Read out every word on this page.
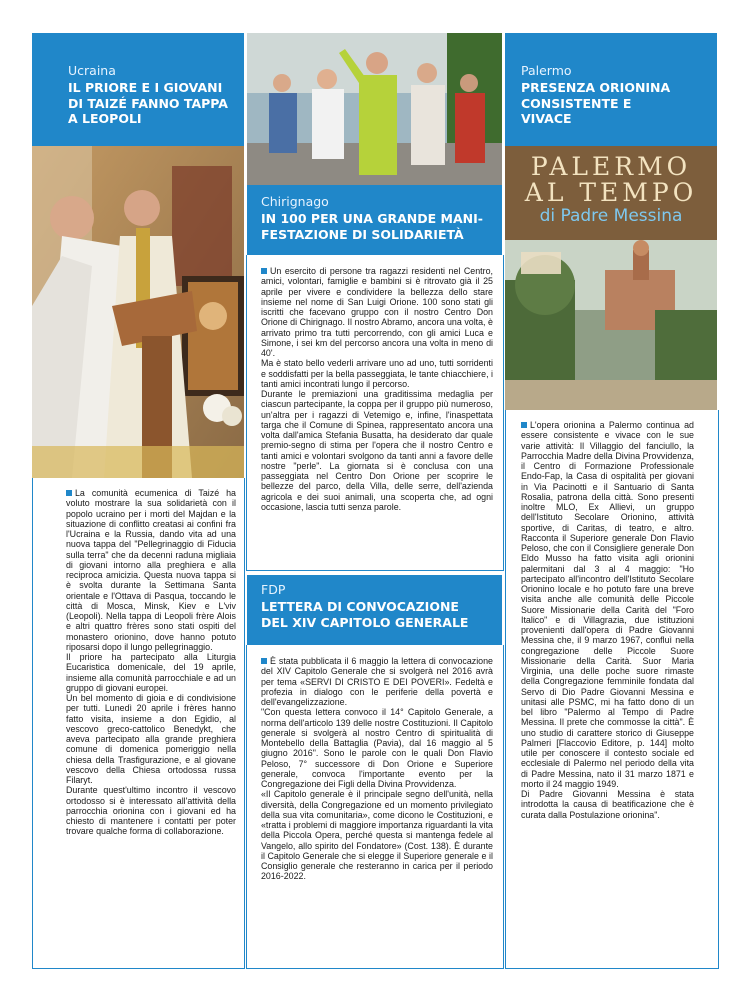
Ucraina
IL PRIORE E I GIOVANI
DI TAIZÉ FANNO TAPPA
A LEOPOLI

La comunità ecumenica di Taizé ha voluto mostrare la sua solidarietà con il popolo ucraino per i morti del Majdan e la situazione di conflitto creatasi ai confini fra l'Ucraina e la Russia, dando vita ad una nuova tappa del "Pellegrinaggio di Fiducia sulla terra" che da decenni raduna migliaia di giovani intorno alla preghiera e alla reciproca amicizia. Questa nuova tappa si è svolta durante la Settimana Santa orientale e l'Ottava di Pasqua, toccando le città di Mosca, Minsk, Kiev e L'viv (Leopoli). Nella tappa di Leopoli frère Alois e altri quattro frères sono stati ospiti del monastero orionino, dove hanno potuto riposarsi dopo il lungo pellegrinaggio.

Il priore ha partecipato alla Liturgia Eucaristica domenicale, del 19 aprile, insieme alla comunità parrocchiale e ad un gruppo di giovani europei.

Un bel momento di gioia e di condivisione per tutti. Lunedì 20 aprile i frères hanno fatto visita, insieme a don Egidio, al vescovo greco-cattolico Benedykt, che aveva partecipato alla grande preghiera comune di domenica pomeriggio nella chiesa della Trasfigurazione, e al giovane vescovo della Chiesa ortodossa russa Filaryt.

Durante quest'ultimo incontro il vescovo ortodosso si è interessato all'attività della parrocchia orionina con i giovani ed ha chiesto di mantenere i contatti per poter trovare qualche forma di collaborazione.

Chirignago
IN 100 PER UNA GRANDE MANI-
FESTAZIONE DI SOLIDARIETÀ

Un esercito di persone tra ragazzi residenti nel Centro, amici, volontari, famiglie e bambini si è ritrovato già il 25 aprile per vivere e condividere la bellezza dello stare insieme nel nome di San Luigi Orione. 100 sono stati gli iscritti che facevano gruppo con il nostro Centro Don Orione di Chirignago. Il nostro Abramo, ancora una volta, è arrivato primo tra tutti percorrendo, con gli amici Luca e Simone, i sei km del percorso ancora una volta in meno di 40'.

Ma è stato bello vederli arrivare uno ad uno, tutti sorridenti e soddisfatti per la bella passeggiata, le tante chiacchiere, i tanti amici incontrati lungo il percorso.

Durante le premiazioni una graditissima medaglia per ciascun partecipante, la coppa per il gruppo più numeroso, un'altra per i ragazzi di Vetemigo e, infine, l'inaspettata targa che il Comune di Spinea, rappresentato ancora una volta dall'amica Stefania Busatta, ha desiderato dar quale premio-segno di stima per l'opera che il nostro Centro e tanti amici e volontari svolgono da tanti anni a favore delle nostre "perle". La giornata si è conclusa con una passeggiata nel Centro Don Orione per scoprire le bellezze del parco, della Villa, delle serre, dell'azienda agricola e dei suoi animali, una scoperta che, ad ogni occasione, lascia tutti senza parole.

FDP
LETTERA DI CONVOCAZIONE
DEL XIV CAPITOLO GENERALE

È stata pubblicata il 6 maggio la lettera di convocazione del XIV Capitolo Generale che si svolgerà nel 2016 avrà per tema «SERVI DI CRISTO E DEI POVERI». Fedeltà e profezia in dialogo con le periferie della povertà e dell'evangelizzazione.

"Con questa lettera convoco il 14° Capitolo Generale, a norma dell'articolo 139 delle nostre Costituzioni. Il Capitolo generale si svolgerà al nostro Centro di spiritualità di Montebello della Battaglia (Pavia), dal 16 maggio al 5 giugno 2016". Sono le parole con le quali Don Flavio Peloso, 7° successore di Don Orione e Superiore generale, convoca l'importante evento per la Congregazione dei Figli della Divina Provvidenza.

«Il Capitolo generale è il principale segno dell'unità, nella diversità, della Congregazione ed un momento privilegiato della sua vita comunitaria», come dicono le Costituzioni, e «tratta i problemi di maggiore importanza riguardanti la vita della Piccola Opera, perché questa si mantenga fedele al Vangelo, allo spirito del Fondatore» (Cost. 138). È durante il Capitolo Generale che si elegge il Superiore generale e il Consiglio generale che resteranno in carica per il periodo 2016-2022.

Palermo
PRESENZA ORIONINA
CONSISTENTE E
VIVACE
PALERMO
AL TEMPO
di Padre Messina

L'opera orionina a Palermo continua ad essere consistente e vivace con le sue varie attività: Il Villaggio del fanciullo, la Parrocchia Madre della Divina Provvidenza, il Centro di Formazione Professionale Endo-Fap, la Casa di ospitalità per giovani in Via Pacinotti e il Santuario di Santa Rosalia, patrona della città. Sono presenti inoltre MLO, Ex Allievi, un gruppo dell'Istituto Secolare Orionino, attività sportive, di Caritas, di teatro, e altro. Racconta il Superiore generale Don Flavio Peloso, che con il Consigliere generale Don Eldo Musso ha fatto visita agli orionini palermitani dal 3 al 4 maggio: "Ho partecipato all'incontro dell'Istituto Secolare Orionino locale e ho potuto fare una breve visita anche alle comunità delle Piccole Suore Missionarie della Carità del "Foro Italico" e di Villagrazia, due istituzioni provenienti dall'opera di Padre Giovanni Messina che, il 9 marzo 1967, confluì nella congregazione delle Piccole Suore Missionarie della Carità. Suor Maria Virginia, una delle poche suore rimaste della Congregazione femminile fondata dal Servo di Dio Padre Giovanni Messina e unitasi alle PSMC, mi ha fatto dono di un bel libro "Palermo al Tempo di Padre Messina. Il prete che commosse la città". È uno studio di carattere storico di Giuseppe Palmeri [Flaccovio Editore, p. 144] molto utile per conoscere il contesto sociale ed ecclesiale di Palermo nel periodo della vita di Padre Messina, nato il 31 marzo 1871 e morto il 24 maggio 1949.

Di Padre Giovanni Messina è stata introdotta la causa di beatificazione che è curata dalla Postulazione orionina".
